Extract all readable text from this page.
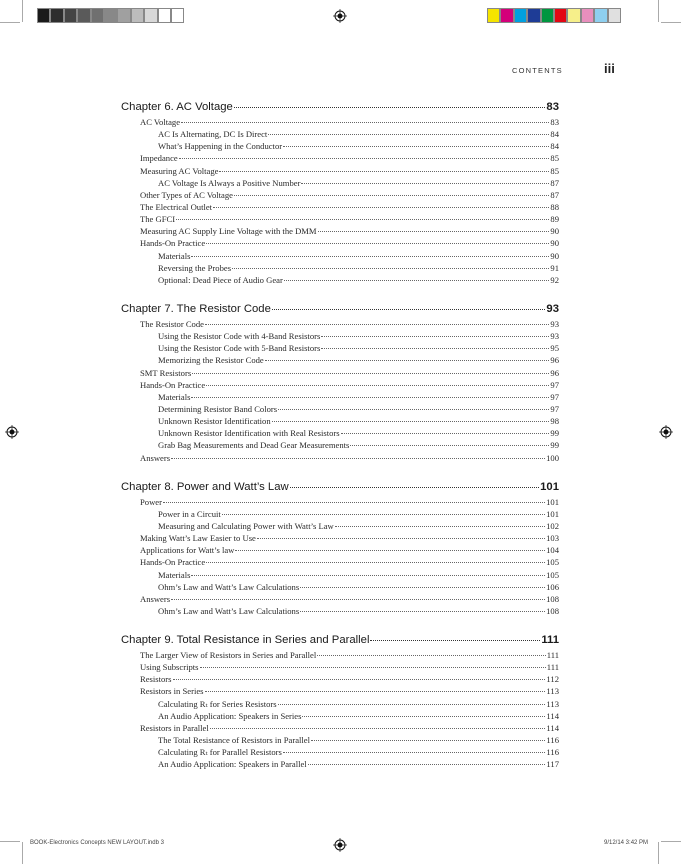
CONTENTS	iii
Chapter 6. AC Voltage	83
AC Voltage	83
AC Is Alternating, DC Is Direct	84
What’s Happening in the Conductor	84
Impedance	85
Measuring AC Voltage	85
AC Voltage Is Always a Positive Number	87
Other Types of AC Voltage	87
The Electrical Outlet	88
The GFCI	89
Measuring AC Supply Line Voltage with the DMM	90
Hands-On Practice	90
Materials	90
Reversing the Probes	91
Optional: Dead Piece of Audio Gear	92
Chapter 7. The Resistor Code	93
The Resistor Code	93
Using the Resistor Code with 4-Band Resistors	93
Using the Resistor Code with 5-Band Resistors	95
Memorizing the Resistor Code	96
SMT Resistors	96
Hands-On Practice	97
Materials	97
Determining Resistor Band Colors	97
Unknown Resistor Identification	98
Unknown Resistor Identification with Real Resistors	99
Grab Bag Measurements and Dead Gear Measurements	99
Answers	100
Chapter 8. Power and Watt’s Law	101
Power	101
Power in a Circuit	101
Measuring and Calculating Power with Watt’s Law	102
Making Watt’s Law Easier to Use	103
Applications for Watt’s law	104
Hands-On Practice	105
Materials	105
Ohm’s Law and Watt’s Law Calculations	106
Answers	108
Ohm’s Law and Watt’s Law Calculations	108
Chapter 9. Total Resistance in Series and Parallel	111
The Larger View of Resistors in Series and Parallel	111
Using Subscripts	111
Resistors	112
Resistors in Series	113
Calculating Rₜ for Series Resistors	113
An Audio Application: Speakers in Series	114
Resistors in Parallel	114
The Total Resistance of Resistors in Parallel	116
Calculating Rₜ for Parallel Resistors	116
An Audio Application: Speakers in Parallel	117
BOOK-Electronics Concepts NEW LAYOUT.indb 3	9/12/14 3:42 PM
